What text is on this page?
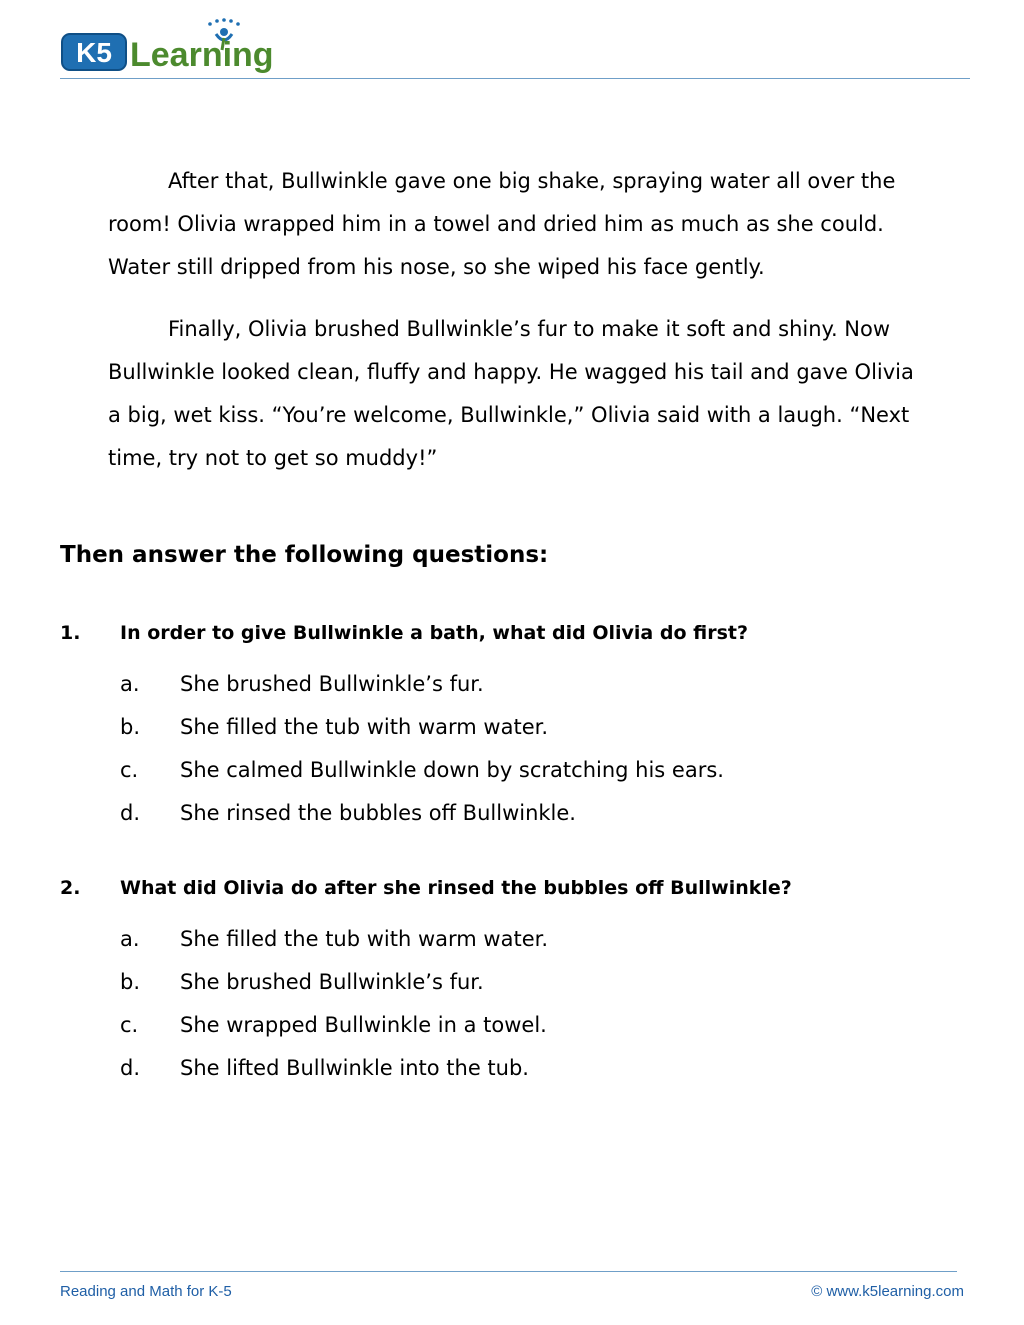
K5 Learning

After that, Bullwinkle gave one big shake, spraying water all over the room! Olivia wrapped him in a towel and dried him as much as she could. Water still dripped from his nose, so she wiped his face gently.

Finally, Olivia brushed Bullwinkle’s fur to make it soft and shiny. Now Bullwinkle looked clean, fluffy and happy. He wagged his tail and gave Olivia a big, wet kiss. “You’re welcome, Bullwinkle,” Olivia said with a laugh. “Next time, try not to get so muddy!”

Then answer the following questions:
1.	In order to give Bullwinkle a bath, what did Olivia do first?
a.	She brushed Bullwinkle’s fur.
b.	She filled the tub with warm water.
c.	She calmed Bullwinkle down by scratching his ears.
d.	She rinsed the bubbles off Bullwinkle.
2.	What did Olivia do after she rinsed the bubbles off Bullwinkle?
a.	She filled the tub with warm water.
b.	She brushed Bullwinkle’s fur.
c.	She wrapped Bullwinkle in a towel.
d.	She lifted Bullwinkle into the tub.
Reading and Math for K-5	© www.k5learning.com
